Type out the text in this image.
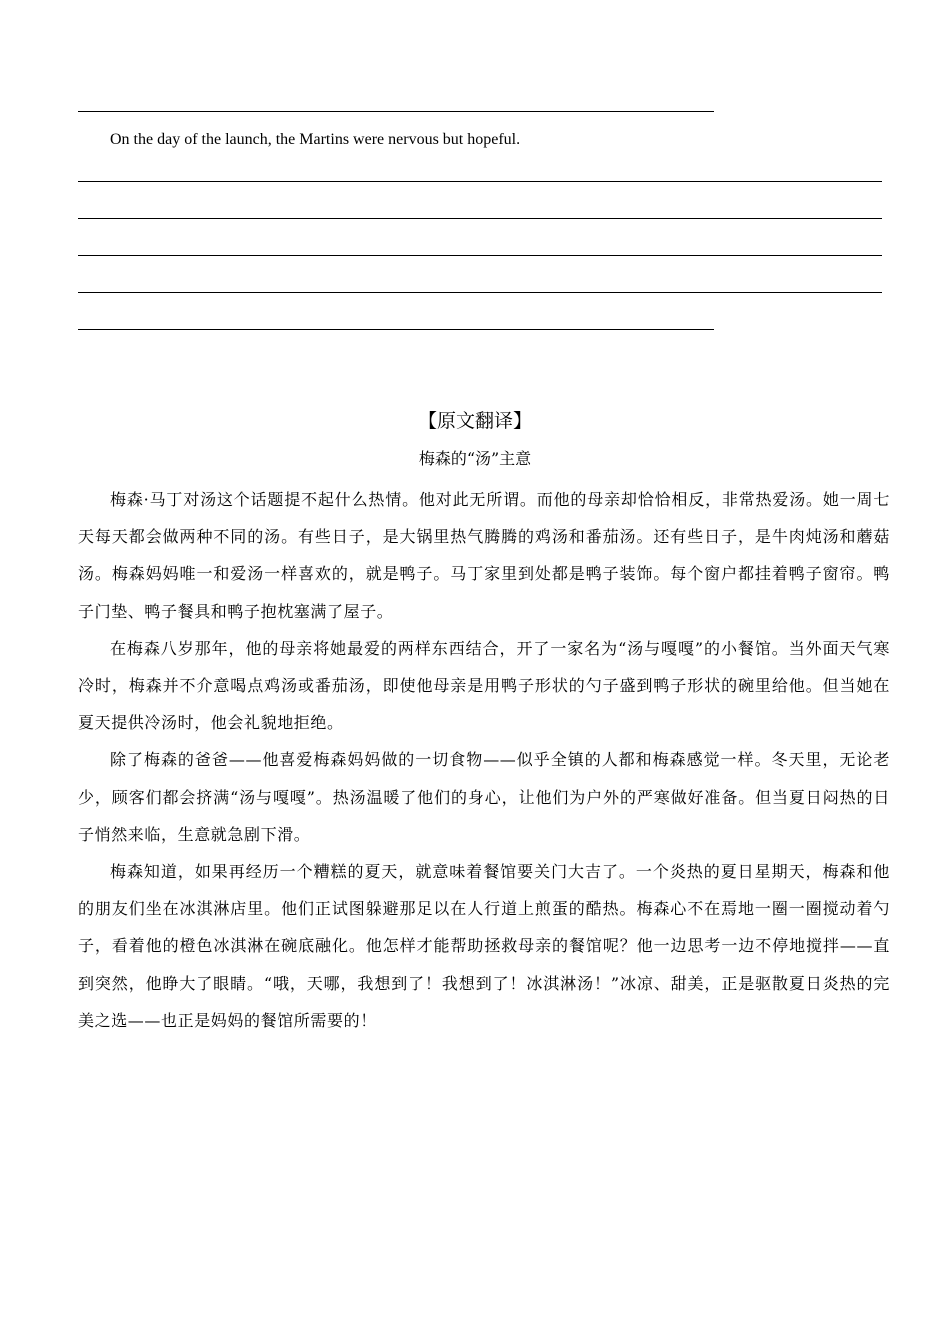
On the day of the launch, the Martins were nervous but hopeful.
【原文翻译】
梅森的“汤”主意

梅森·马丁对汤这个话题提不起什么热情。他对此无所谓。而他的母亲却恰恰相反，非常热爱汤。她一周七天每天都会做两种不同的汤。有些日子，是大锅里热气腾腾的鸡汤和番茄汤。还有些日子，是牛肉炖汤和蘑菇汤。梅森妈妈唯一和爱汤一样喜欢的，就是鸭子。马丁家里到处都是鸭子装饰。每个窗户都挂着鸭子窗帘。鸭子门垫、鸭子餐具和鸭子抱枕塞满了屋子。

在梅森八岁那年，他的母亲将她最爱的两样东西结合，开了一家名为“汤与嘎嘎”的小餐馆。当外面天气寒冷时，梅森并不介意喝点鸡汤或番茄汤，即使他母亲是用鸭子形状的勺子盛到鸭子形状的碗里给他。但当她在夏天提供冷汤时，他会礼貌地拒绝。

除了梅森的爸爸——他喜爱梅森妈妈做的一切食物——似乎全镇的人都和梅森感觉一样。冬天里，无论老少，顾客们都会挤满“汤与嘎嘎”。热汤温暖了他们的身心，让他们为户外的严寒做好准备。但当夏日闷热的日子悄然来临，生意就急剧下滑。

梅森知道，如果再经历一个糟糕的夏天，就意味着餐馆要关门大吉了。一个炎热的夏日星期天，梅森和他的朋友们坐在冰淇淋店里。他们正试图躲避那足以在人行道上煎蛋的酷热。梅森心不在焉地一圈一圈搅动着勺子，看着他的橙色冰淇淋在碗底融化。他怎样才能帮助拯救母亲的餐馆呢？他一边思考一边不停地搅拌——直到突然，他睁大了眼睛。“哦，天哪，我想到了！我想到了！冰淇淋汤！”冰凉、甜美，正是驱散夏日炎热的完美之选——也正是妈妈的餐馆所需要的！
